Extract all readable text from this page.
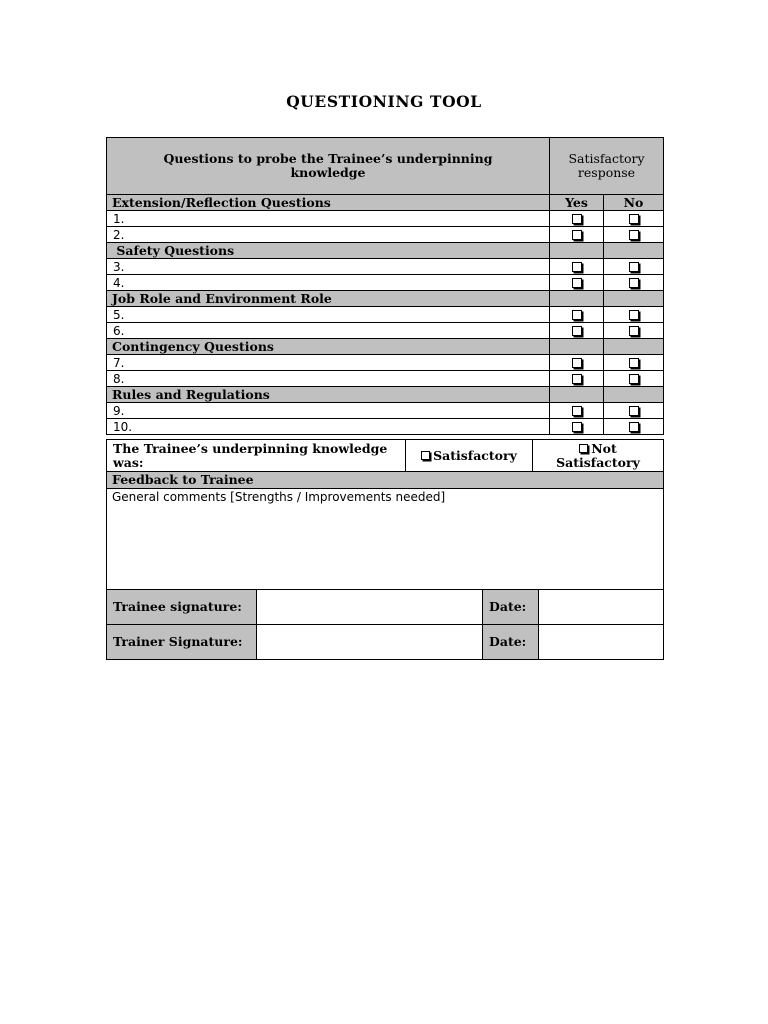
QUESTIONING TOOL
Questions to probe the Trainee’s underpinning knowledge	Satisfactory response	
Extension/Reflection Questions	Yes	No
1.		
2.		
Safety Questions		
3.		
4.		
Job Role and Environment Role		
5.		
6.		
Contingency Questions		
7.		
8.		
Rules and Regulations		
9.		
10.		
The Trainee’s underpinning knowledge was:	Satisfactory	Not
Satisfactory
Feedback to Trainee
General comments [Strengths / Improvements needed]
Trainee signature:		Date:	
Trainer Signature:		Date:	
